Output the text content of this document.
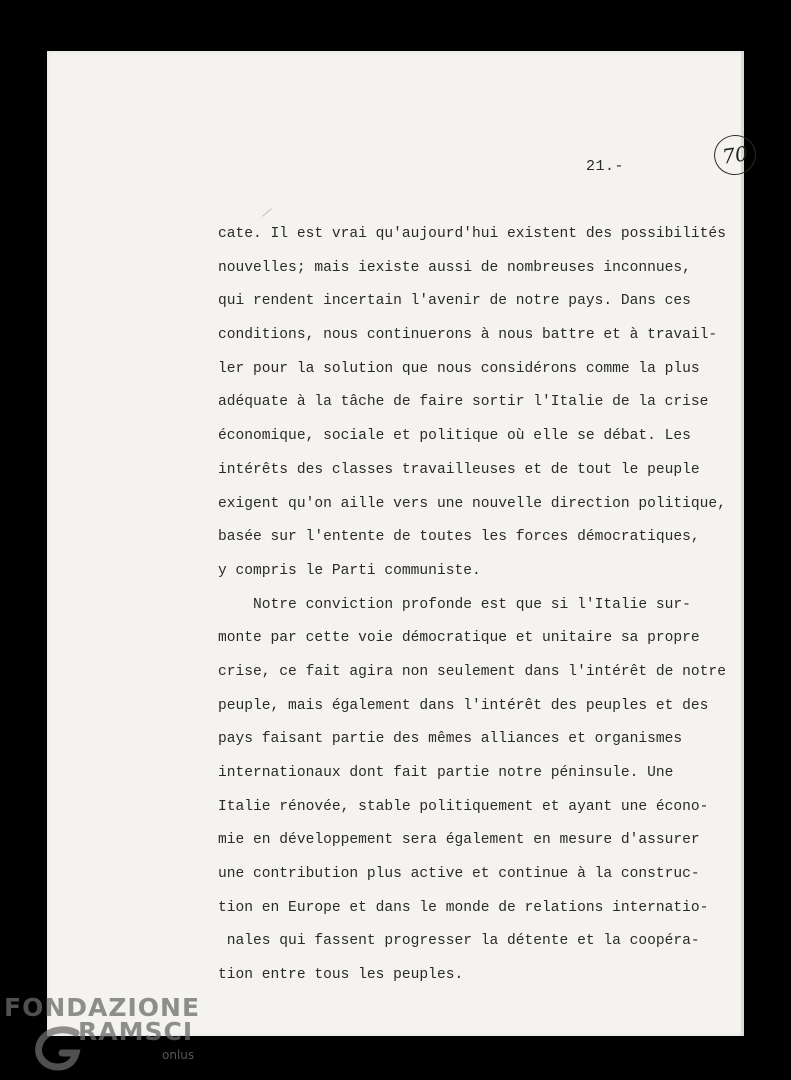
70
21.-
cate. Il est vrai qu'aujourd'hui existent des possibilités
nouvelles; mais iexiste aussi de nombreuses inconnues,
qui rendent incertain l'avenir de notre pays. Dans ces
conditions, nous continuerons à nous battre et à travail-
ler pour la solution que nous considérons comme la plus
adéquate à la tâche de faire sortir l'Italie de la crise
économique, sociale et politique où elle se débat. Les
intérêts des classes travailleuses et de tout le peuple
exigent qu'on aille vers une nouvelle direction politique,
basée sur l'entente de toutes les forces démocratiques,
y compris le Parti communiste.
Notre conviction profonde est que si l'Italie sur-
monte par cette voie démocratique et unitaire sa propre
crise, ce fait agira non seulement dans l'intérêt de notre
peuple, mais également dans l'intérêt des peuples et des
pays faisant partie des mêmes alliances et organismes
internationaux dont fait partie notre péninsule. Une
Italie rénovée, stable politiquement et ayant une écono-
mie en développement sera également en mesure d'assurer
une contribution plus active et continue à la construc-
tion en Europe et dans le monde de relations internatio-
nales qui fassent progresser la détente et la coopéra-
tion entre tous les peuples.
FONDAZIONE
RAMSCI
onlus
